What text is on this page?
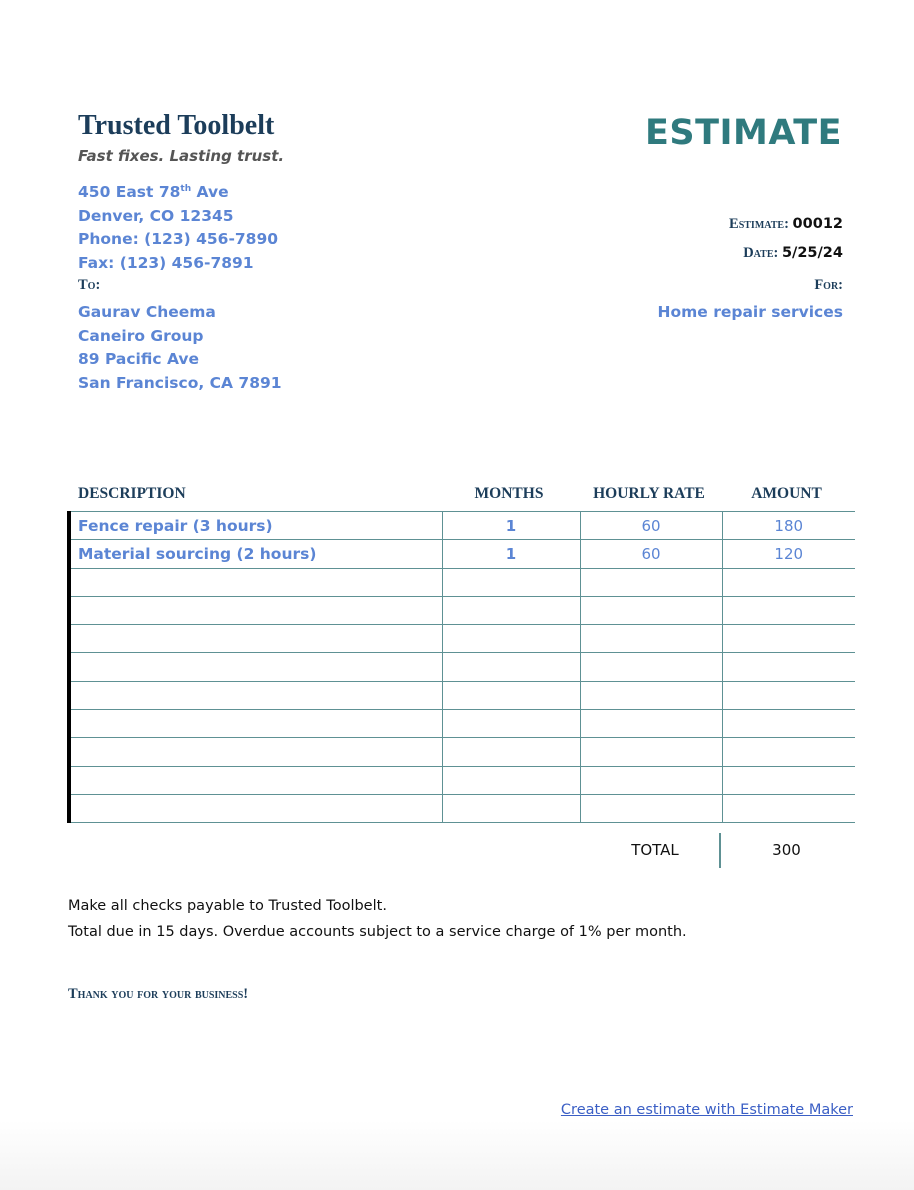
Trusted Toolbelt
Fast fixes. Lasting trust.
ESTIMATE
450 East 78th Ave
Denver, CO 12345
Phone: (123) 456-7890
Fax: (123) 456-7891
Estimate: 00012
Date: 5/25/24
To:	For:
Gaurav Cheema
Caneiro Group
89 Pacific Ave
San Francisco, CA 7891
Home repair services
DESCRIPTION	MONTHS	HOURLY RATE	AMOUNT
Fence repair (3 hours)	1	60	180
Material sourcing (2 hours)	1	60	120

TOTAL	300
Make all checks payable to Trusted Toolbelt.
Total due in 15 days. Overdue accounts subject to a service charge of 1% per month.
Thank you for your business!
Create an estimate with Estimate Maker
